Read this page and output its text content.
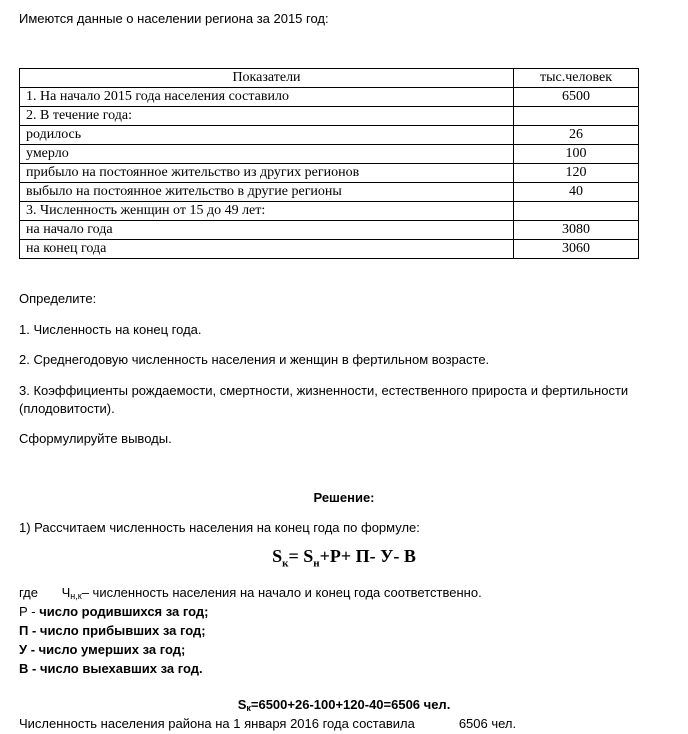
Имеются данные о населении региона за 2015 год:
Показатели	тыс.человек
1. На начало 2015 года населения составило	6500
2. В течение года:	
родилось	26
умерло	100
прибыло на постоянное жительство из других регионов	120
выбыло на постоянное жительство в другие регионы	40
3. Численность женщин от 15 до 49 лет:	
на начало года	3080
на конец года	3060
Определите:
1. Численность на конец года.
2. Среднегодовую численность населения и женщин в фертильном возрасте.
3. Коэффициенты рождаемости, смертности, жизненности, естественного прироста и фертильности
(плодовитости).
Сформулируйте выводы.
Решение:
1) Рассчитаем численность населения на конец года по формуле:
$S_к= S_н+Р+ П-$ У- В
где Чн,к– численность населения на начало и конец года соответственно.
Р - число родившихся за год;
П - число прибывших за год;
У - число умерших за год;
В - число выехавших за год.
Sк=6500+26-100+120-40=6506 чел.
Численность населения района на 1 января 2016 года составила	6506 чел.
